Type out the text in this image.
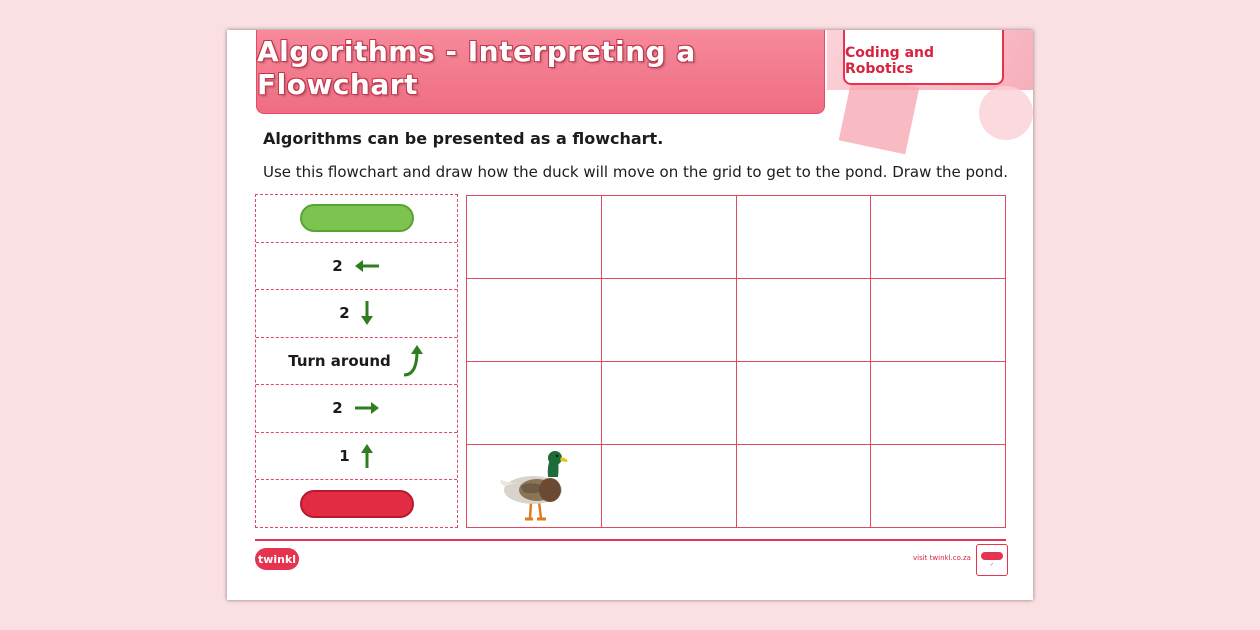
Algorithms - Interpreting a Flowchart
Coding and Robotics
Algorithms can be presented as a flowchart.
Use this flowchart and draw how the duck will move on the grid to get to the pond. Draw the pond.
2
2
Turn around
2
1
twinkl	visit twinkl.co.za
✓
